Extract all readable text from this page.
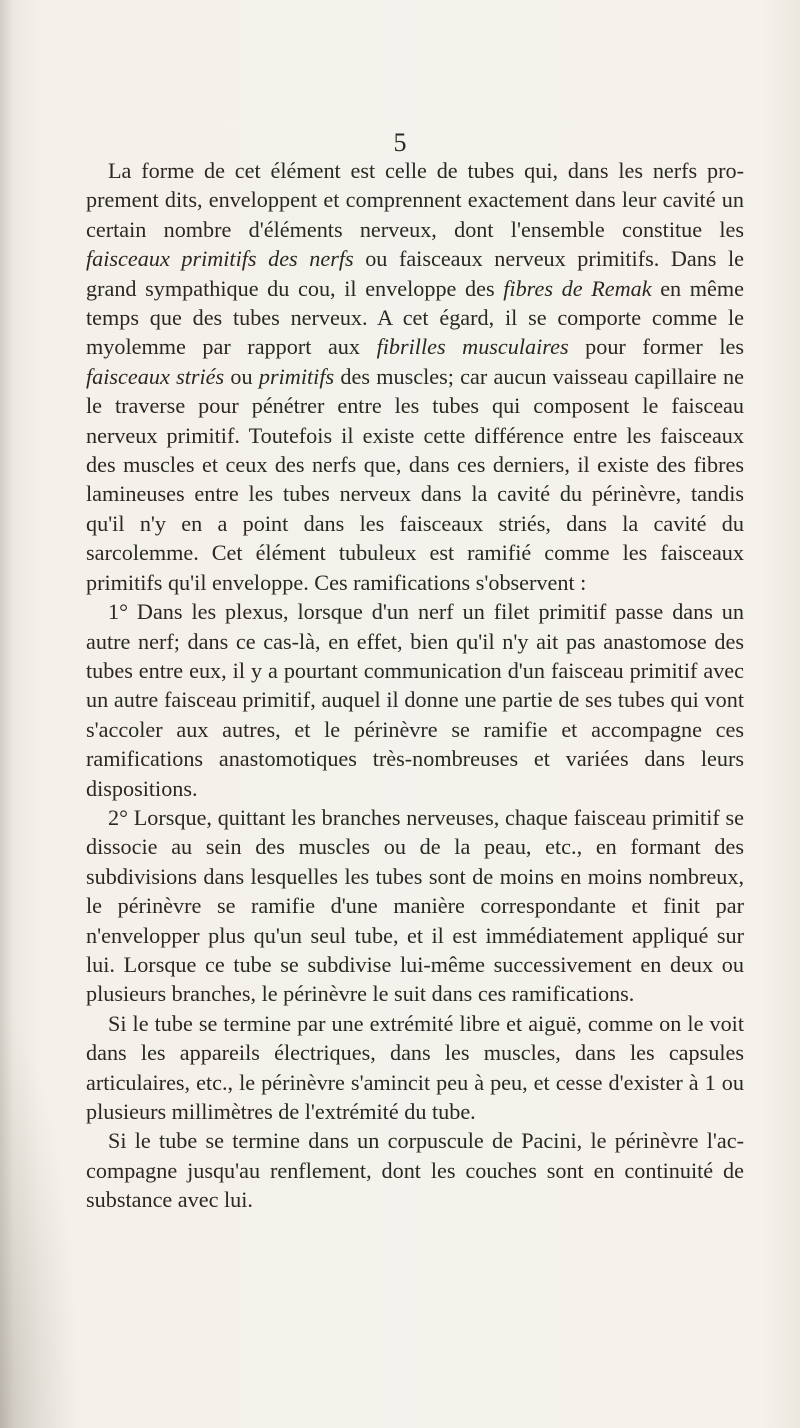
5

La forme de cet élément est celle de tubes qui, dans les nerfs proprement dits, enveloppent et comprennent exactement dans leur cavité un certain nombre d'éléments nerveux, dont l'ensemble constitue les faisceaux primitifs des nerfs ou faisceaux nerveux primitifs. Dans le grand sympathique du cou, il enveloppe des fibres de Remak en même temps que des tubes nerveux. A cet égard, il se comporte comme le myolemme par rapport aux fibrilles musculaires pour former les faisceaux striés ou primitifs des muscles; car aucun vaisseau capillaire ne le traverse pour pénétrer entre les tubes qui composent le faisceau nerveux primitif. Toutefois il existe cette différence entre les faisceaux des muscles et ceux des nerfs que, dans ces derniers, il existe des fibres lamineuses entre les tubes nerveux dans la cavité du périnèvre, tandis qu'il n'y en a point dans les faisceaux striés, dans la cavité du sarcolemme. Cet élément tubuleux est ramifié comme les faisceaux primitifs qu'il enveloppe. Ces ramifications s'observent :

1° Dans les plexus, lorsque d'un nerf un filet primitif passe dans un autre nerf; dans ce cas-là, en effet, bien qu'il n'y ait pas anastomose des tubes entre eux, il y a pourtant communication d'un faisceau primitif avec un autre faisceau primitif, auquel il donne une partie de ses tubes qui vont s'accoler aux autres, et le périnèvre se ramifie et accompagne ces ramifications anastomotiques très-nombreuses et variées dans leurs dispositions.

2° Lorsque, quittant les branches nerveuses, chaque faisceau primitif se dissocie au sein des muscles ou de la peau, etc., en formant des subdivisions dans lesquelles les tubes sont de moins en moins nombreux, le périnèvre se ramifie d'une manière correspondante et finit par n'envelopper plus qu'un seul tube, et il est immédiatement appliqué sur lui. Lorsque ce tube se subdivise lui-même successivement en deux ou plusieurs branches, le périnèvre le suit dans ces ramifications.

Si le tube se termine par une extrémité libre et aiguë, comme on le voit dans les appareils électriques, dans les muscles, dans les capsules articulaires, etc., le périnèvre s'amincit peu à peu, et cesse d'exister à 1 ou plusieurs millimètres de l'extrémité du tube.

Si le tube se termine dans un corpuscule de Pacini, le périnèvre l'accompagne jusqu'au renflement, dont les couches sont en continuité de substance avec lui.
